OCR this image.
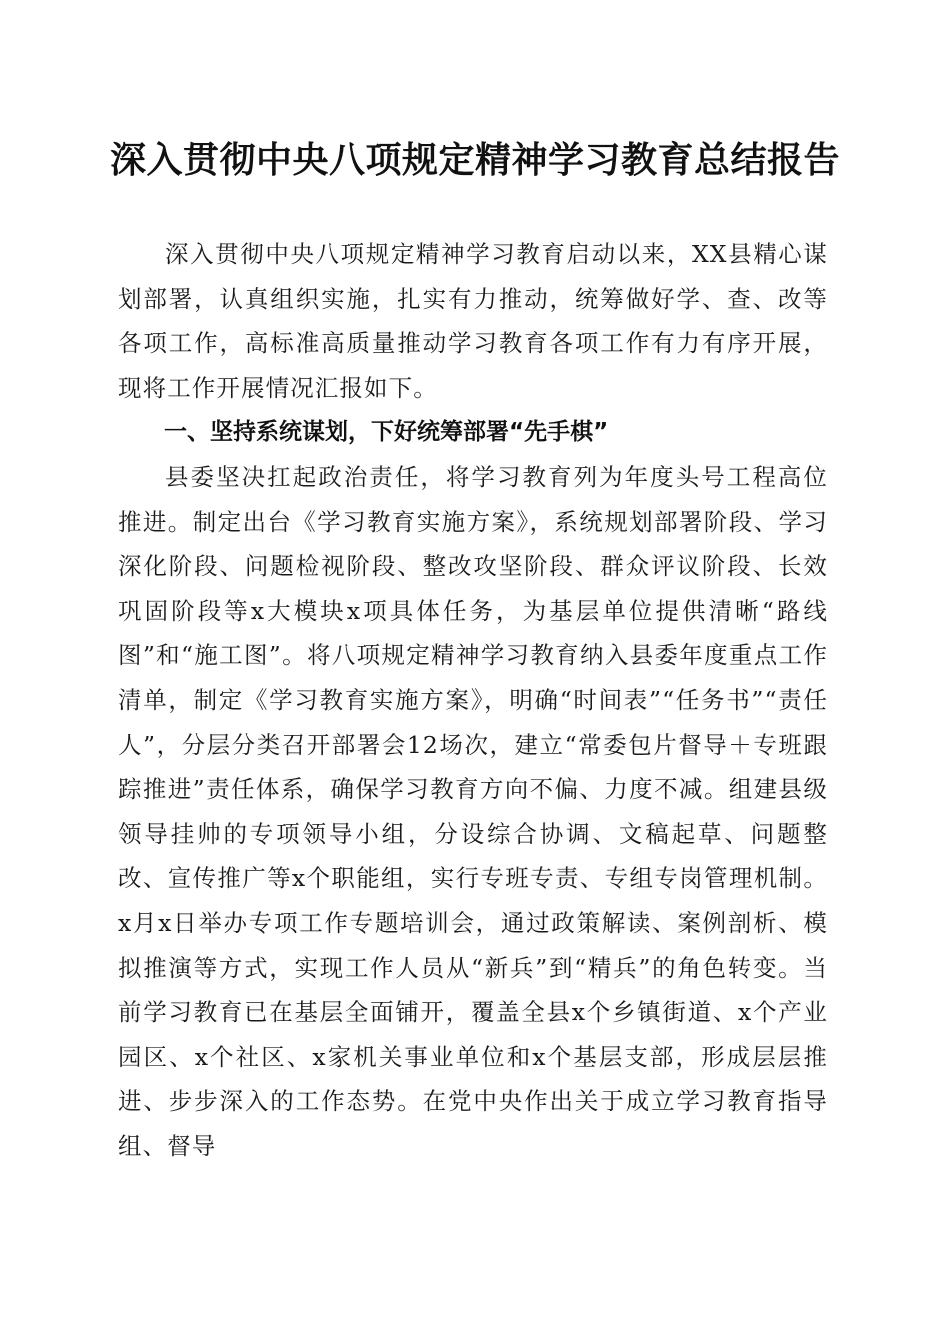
深入贯彻中央八项规定精神学习教育总结报告

深入贯彻中央八项规定精神学习教育启动以来，XX县精心谋划部署，认真组织实施，扎实有力推动，统筹做好学、查、改等各项工作，高标准高质量推动学习教育各项工作有力有序开展，现将工作开展情况汇报如下。

一、坚持系统谋划，下好统筹部署“先手棋”

县委坚决扛起政治责任，将学习教育列为年度头号工程高位推进。制定出台《学习教育实施方案》，系统规划部署阶段、学习深化阶段、问题检视阶段、整改攻坚阶段、群众评议阶段、长效巩固阶段等x大模块x项具体任务，为基层单位提供清晰“路线图”和“施工图”。将八项规定精神学习教育纳入县委年度重点工作清单，制定《学习教育实施方案》，明确“时间表”“任务书”“责任人”，分层分类召开部署会12场次，建立“常委包片督导＋专班跟踪推进”责任体系，确保学习教育方向不偏、力度不减。组建县级领导挂帅的专项领导小组，分设综合协调、文稿起草、问题整改、宣传推广等x个职能组，实行专班专责、专组专岗管理机制。x月x日举办专项工作专题培训会，通过政策解读、案例剖析、模拟推演等方式，实现工作人员从“新兵”到“精兵”的角色转变。当前学习教育已在基层全面铺开，覆盖全县x个乡镇街道、x个产业园区、x个社区、x家机关事业单位和x个基层支部，形成层层推进、步步深入的工作态势。在党中央作出关于成立学习教育指导组、督导
